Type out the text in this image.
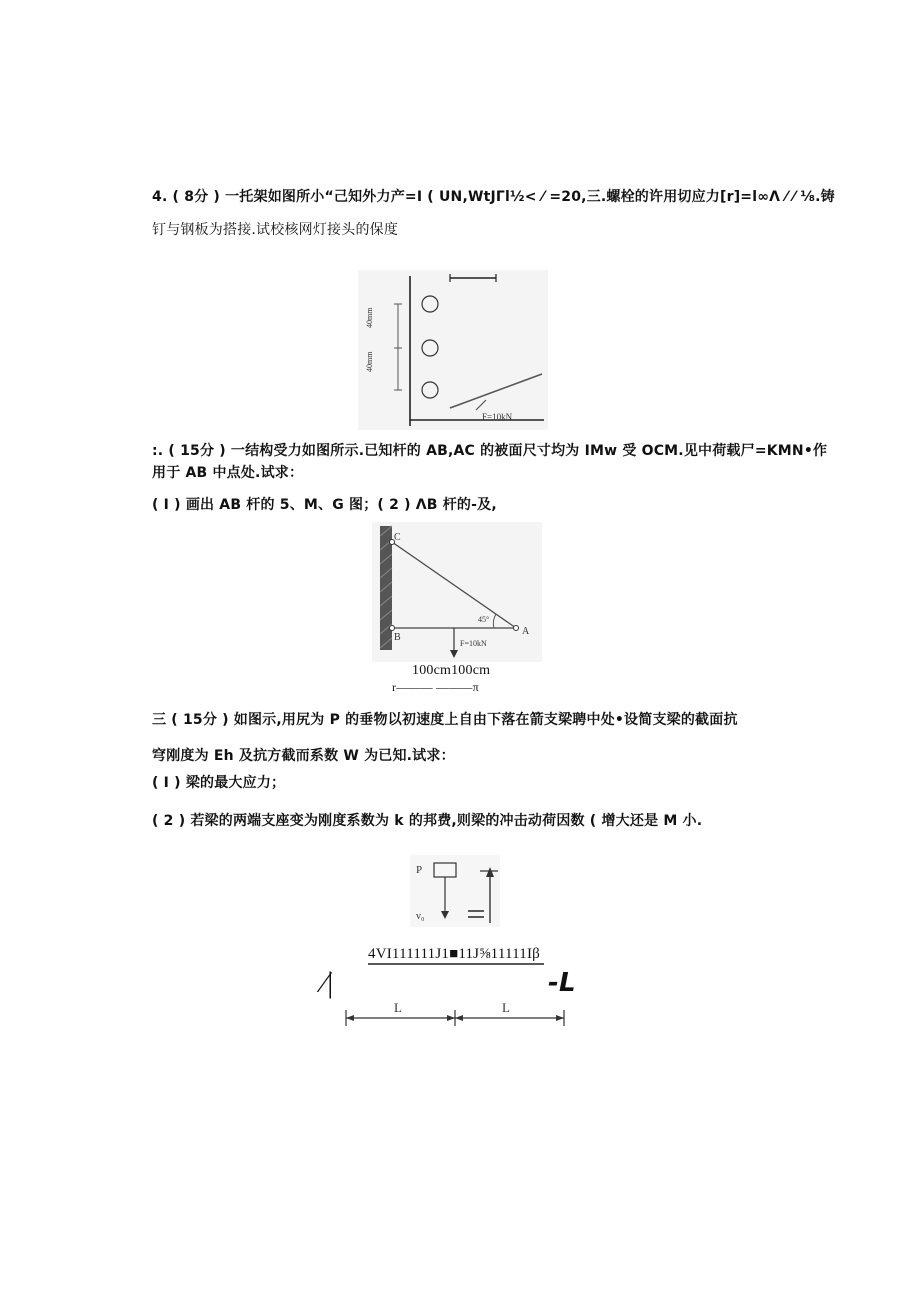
4. ( 8分 ) 一托架如图所小“己知外力产=I ( UN,WtJΓl½< ⁄ =20,三.螺栓的许用切应力[r]=l∞Λ ⁄ ⁄ ⅛.铸
钉与钢板为搭接.试校核网灯接头的保度
40mm
40mm
F=10kN
:. ( 15分 ) 一结构受力如图所示.已知杆的 AB,AC 的被面尺寸均为 IMw 受 OCM.见中荷载尸=KMN•作
用于 AB 中点处.试求：
( I ) 画出 AB 杆的 5、M、G 图；( 2 ) ΛB 杆的-及,
C
B
A
45°
F=10kN
100cm100cm
r——— ———π
三 ( 15分 ) 如图示,用尻为 P 的垂物以初速度上自由下落在箭支梁聘中处•设简支梁的截面抗
穹刚度为 Eh 及抗方截而系数 W 为已知.试求：
( I ) 梁的最大应力；
( 2 ) 若梁的两端支座变为刚度系数为 k 的邦费,则梁的冲击动荷因数 ( 增大还是 M 小.
P
v₀
4VI111111J1■11J⅝11111Iβ
∕|	-L
L	L
